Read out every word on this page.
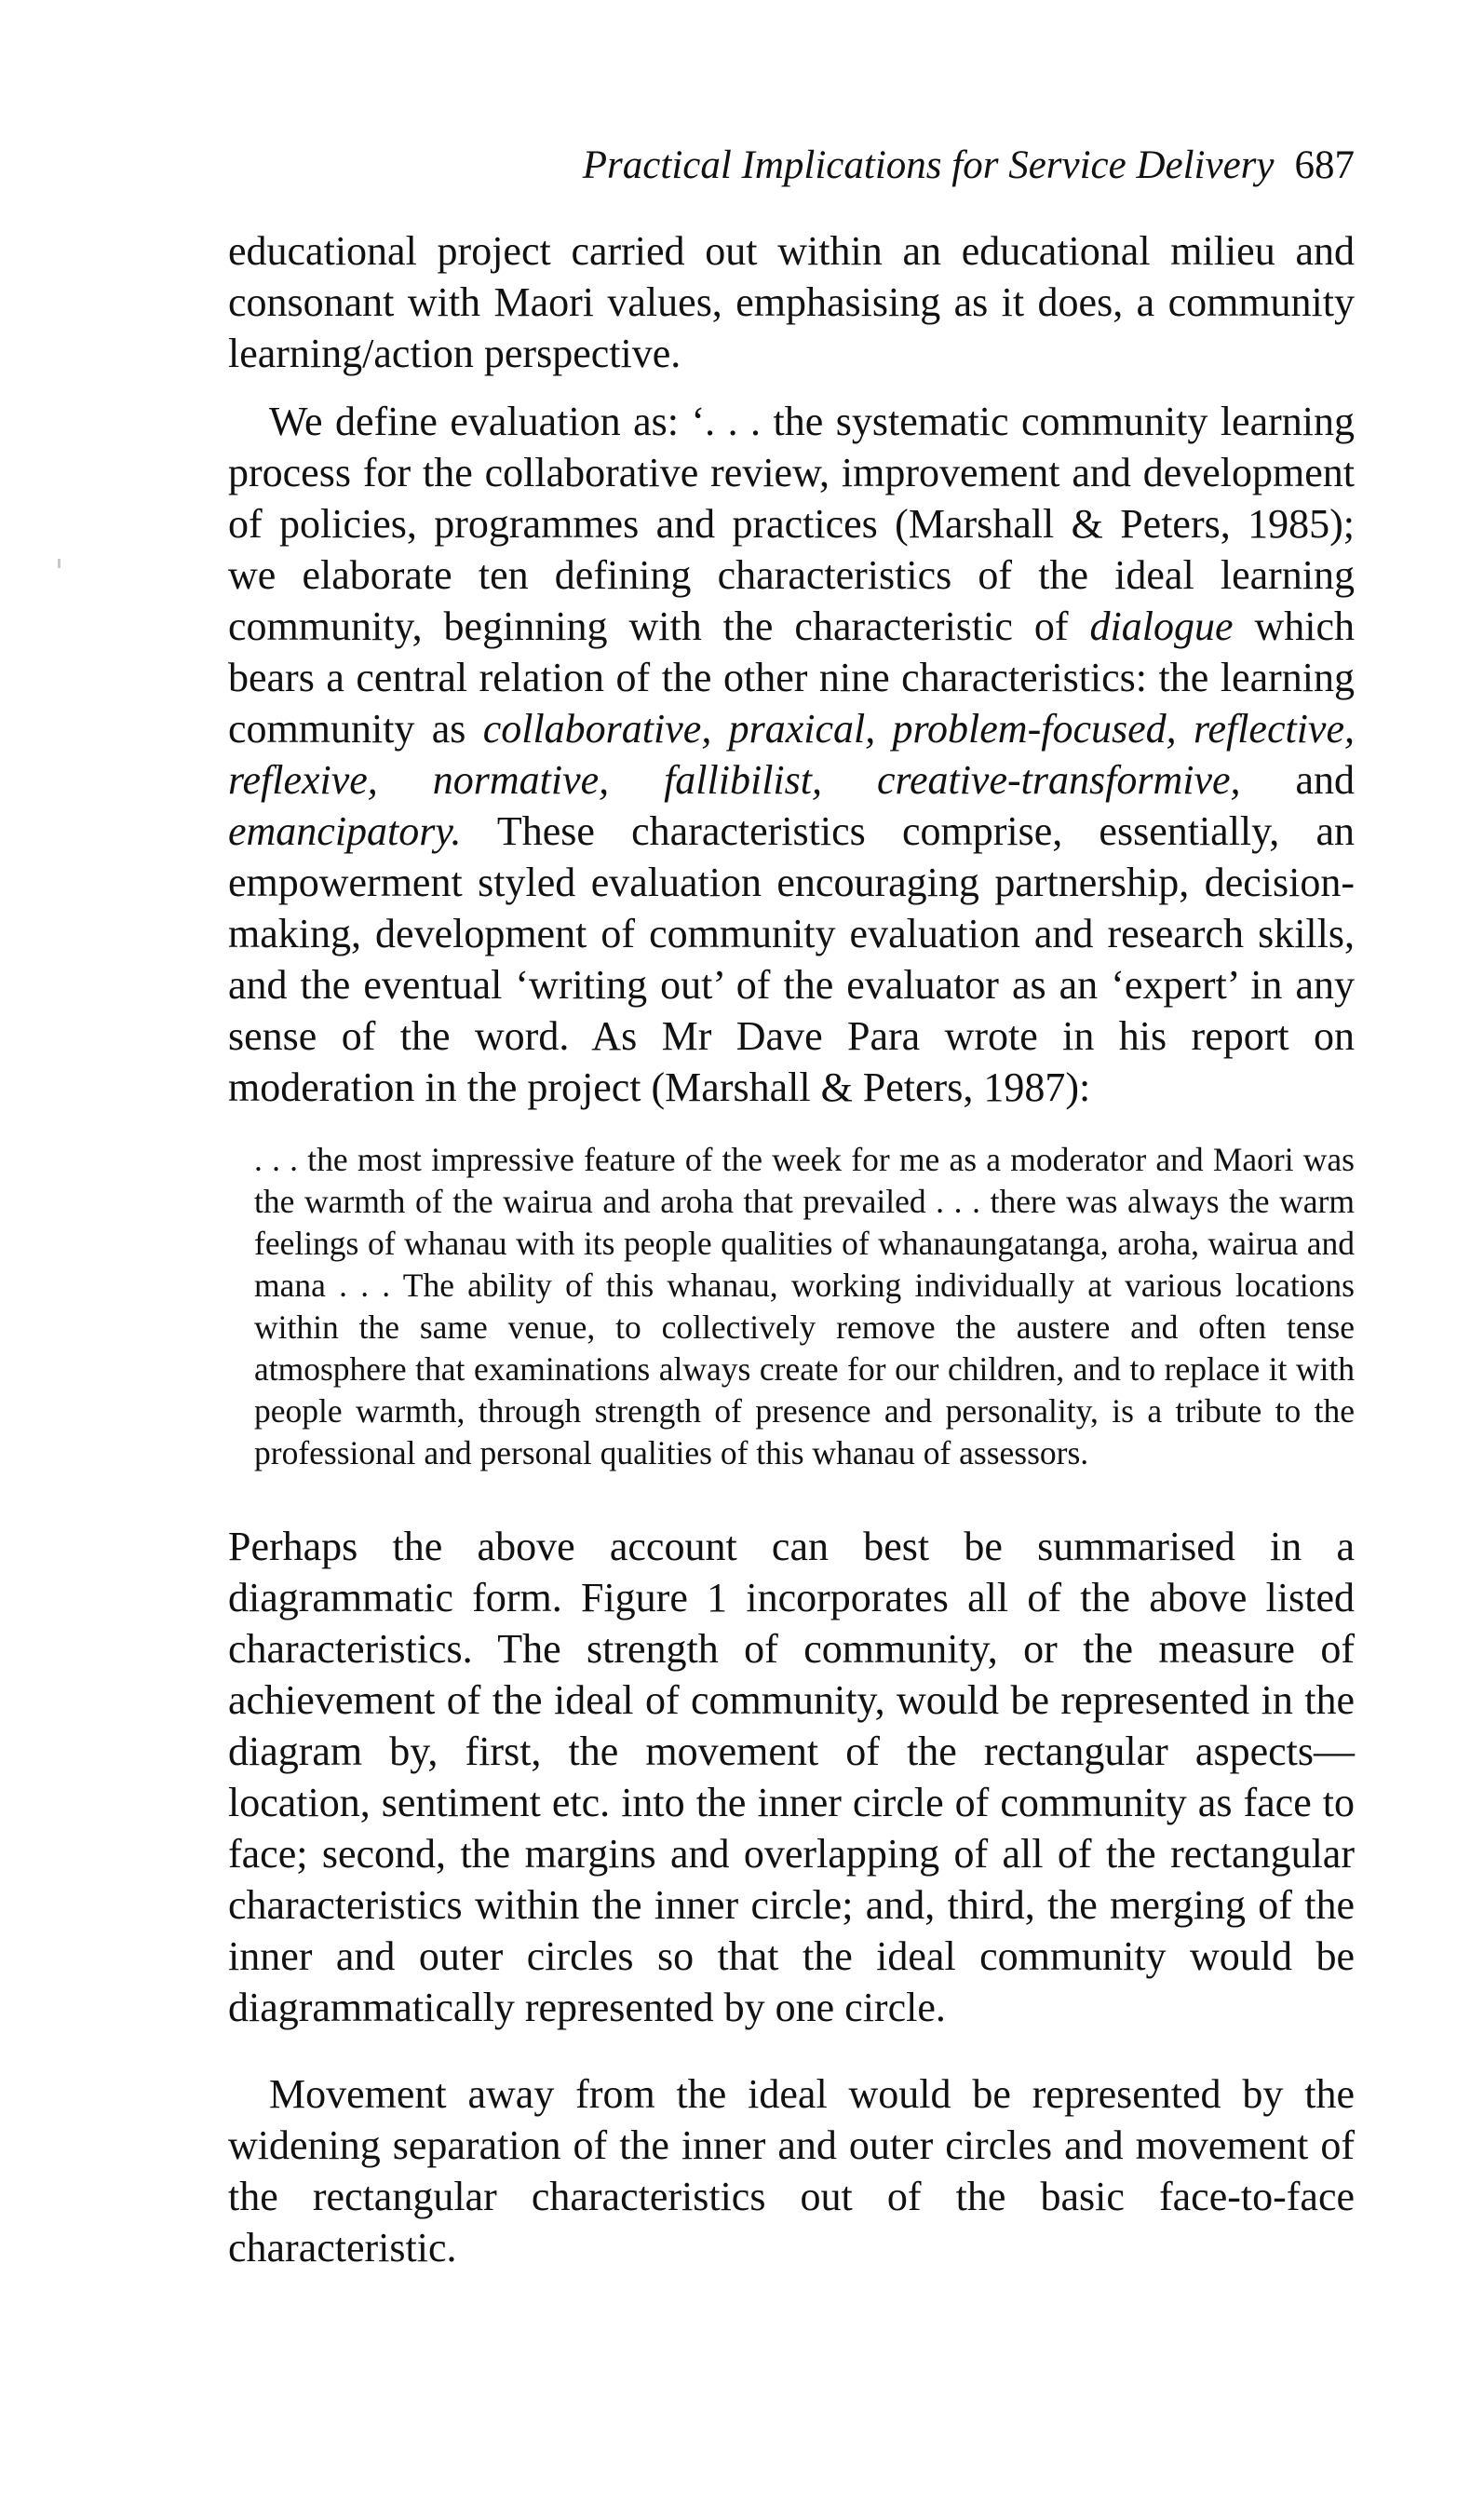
Practical Implications for Service Delivery 687

educational project carried out within an educational milieu and consonant with Maori values, emphasising as it does, a community learning/action perspective.

We define evaluation as: ‘. . . the systematic community learning process for the collaborative review, improvement and development of policies, programmes and practices (Marshall & Peters, 1985); we elaborate ten defining characteristics of the ideal learning community, beginning with the characteristic of dialogue which bears a central relation of the other nine characteristics: the learning community as collaborative, praxical, problem-focused, reflective, reflexive, normative, fallibilist, creative-transformive, and emancipatory. These characteristics comprise, essentially, an empowerment styled evaluation encouraging partnership, decision-making, development of community evaluation and research skills, and the eventual ‘writing out’ of the evaluator as an ‘expert’ in any sense of the word. As Mr Dave Para wrote in his report on moderation in the project (Marshall & Peters, 1987):

. . . the most impressive feature of the week for me as a moderator and Maori was the warmth of the wairua and aroha that prevailed . . . there was always the warm feelings of whanau with its people qualities of whanaungatanga, aroha, wairua and mana . . . The ability of this whanau, working individually at various locations within the same venue, to collectively remove the austere and often tense atmosphere that examinations always create for our children, and to replace it with people warmth, through strength of presence and personality, is a tribute to the professional and personal qualities of this whanau of assessors.

Perhaps the above account can best be summarised in a diagrammatic form. Figure 1 incorporates all of the above listed characteristics. The strength of community, or the measure of achievement of the ideal of community, would be represented in the diagram by, first, the movement of the rectangular aspects—location, sentiment etc. into the inner circle of community as face to face; second, the margins and overlapping of all of the rectangular characteristics within the inner circle; and, third, the merging of the inner and outer circles so that the ideal community would be diagrammatically represented by one circle.

Movement away from the ideal would be represented by the widening separation of the inner and outer circles and movement of the rectangular characteristics out of the basic face-to-face characteristic.
